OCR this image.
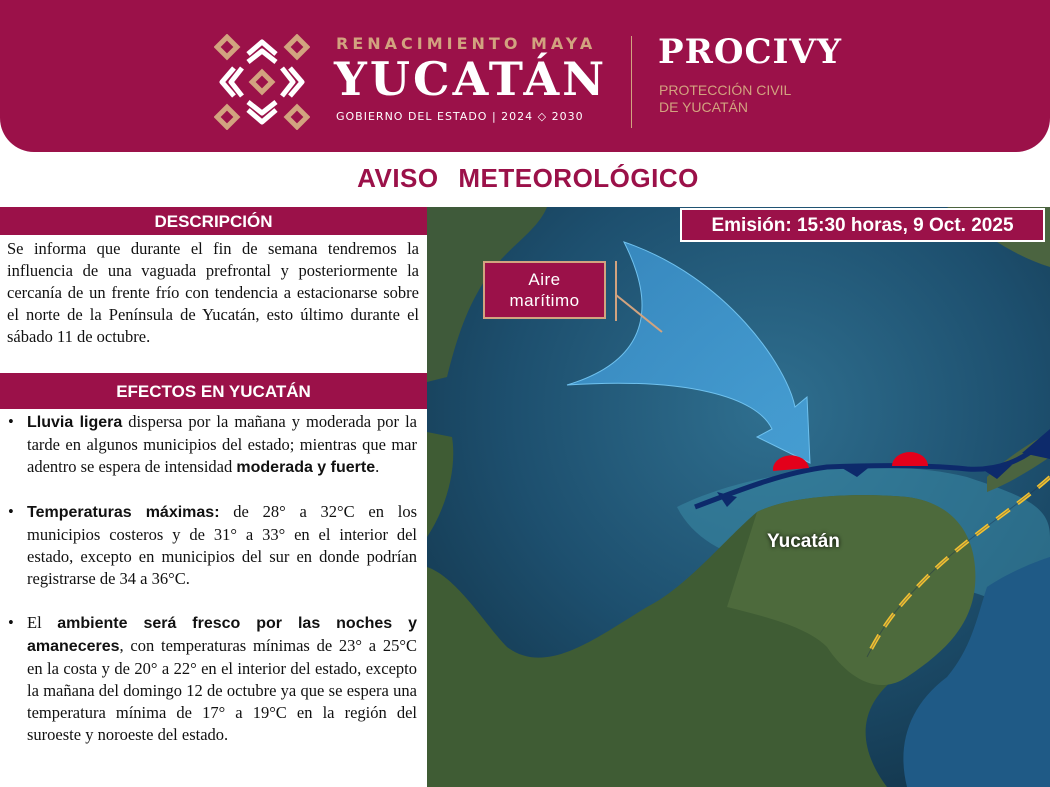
RENACIMIENTO MAYA
YUCATÁN
GOBIERNO DEL ESTADO | 2024 ◇ 2030
PROCIVY
PROTECCIÓN CIVIL
DE YUCATÁN
AVISO METEOROLÓGICO
DESCRIPCIÓN
Se informa que durante el fin de semana tendremos la influencia de una vaguada prefrontal y posteriormente la cercanía de un frente frío con tendencia a estacionarse sobre el norte de la Península de Yucatán, esto último durante el sábado 11 de octubre.
EFECTOS EN YUCATÁN
• Lluvia ligera dispersa por la mañana y moderada por la tarde en algunos municipios del estado; mientras que mar adentro se espera de intensidad moderada y fuerte.
• Temperaturas máximas: de 28° a 32°C en los municipios costeros y de 31° a 33° en el interior del estado, excepto en municipios del sur en donde podrían registrarse de 34 a 36°C.
• El ambiente será fresco por las noches y amaneceres, con temperaturas mínimas de 23° a 25°C en la costa y de 20° a 22° en el interior del estado, excepto la mañana del domingo 12 de octubre ya que se espera una temperatura mínima de 17° a 19°C en la región del suroeste y noroeste del estado.
Emisión: 15:30 horas, 9 Oct. 2025
Aire
marítimo
Yucatán
